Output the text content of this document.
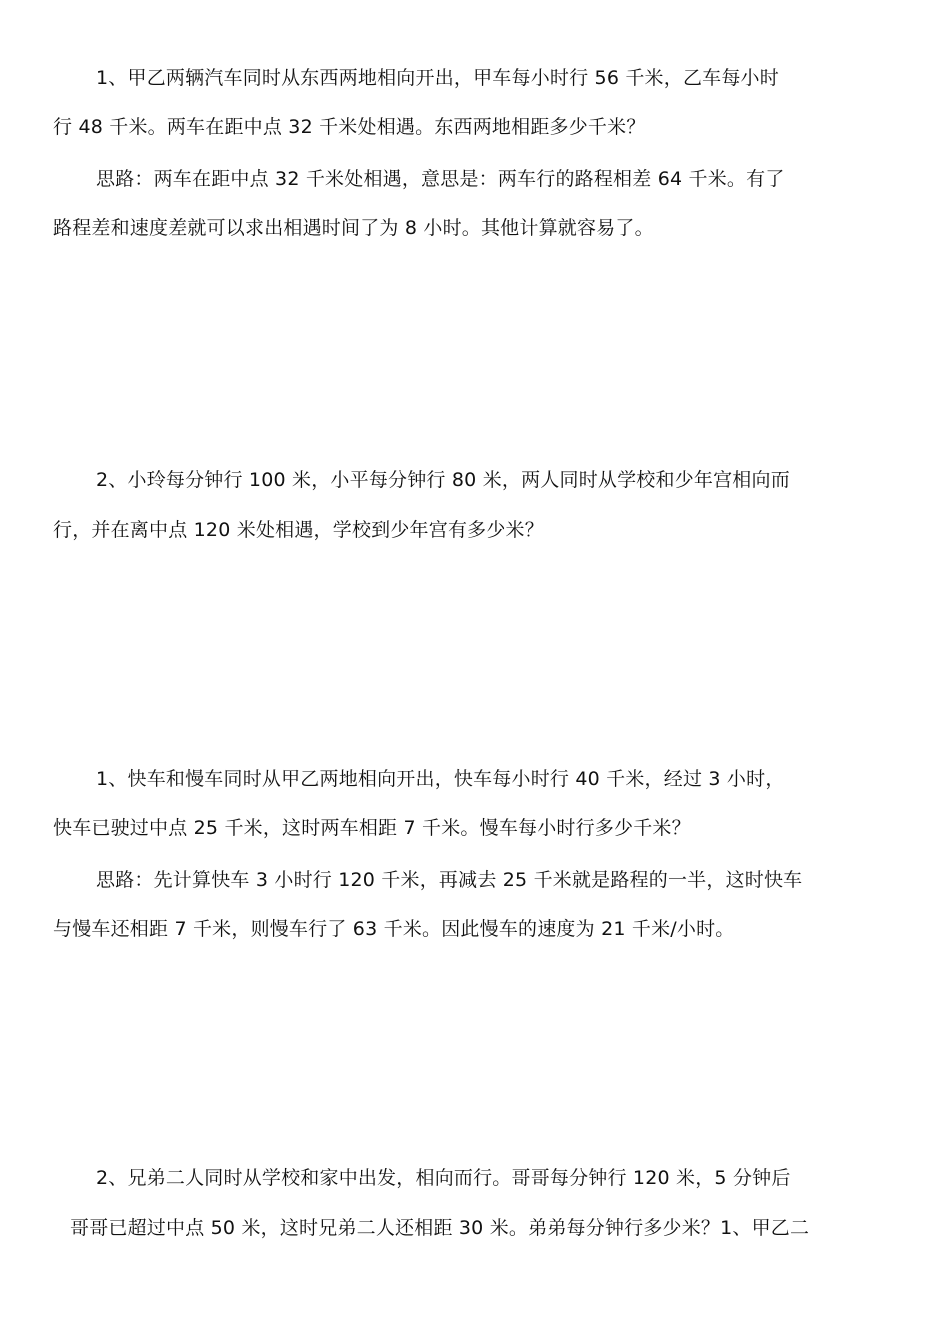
1、甲乙两辆汽车同时从东西两地相向开出，甲车每小时行 56 千米，乙车每小时
行 48 千米。两车在距中点 32 千米处相遇。东西两地相距多少千米？
思路：两车在距中点 32 千米处相遇，意思是：两车行的路程相差 64 千米。有了
路程差和速度差就可以求出相遇时间了为 8 小时。其他计算就容易了。
2、小玲每分钟行 100 米，小平每分钟行 80 米，两人同时从学校和少年宫相向而
行，并在离中点 120 米处相遇，学校到少年宫有多少米？
1、快车和慢车同时从甲乙两地相向开出，快车每小时行 40 千米，经过 3 小时，
快车已驶过中点 25 千米，这时两车相距 7 千米。慢车每小时行多少千米？
思路：先计算快车 3 小时行 120 千米，再减去 25 千米就是路程的一半，这时快车
与慢车还相距 7 千米，则慢车行了 63 千米。因此慢车的速度为 21 千米/小时。
2、兄弟二人同时从学校和家中出发，相向而行。哥哥每分钟行 120 米，5 分钟后
哥哥已超过中点 50 米，这时兄弟二人还相距 30 米。弟弟每分钟行多少米？1、甲乙二
